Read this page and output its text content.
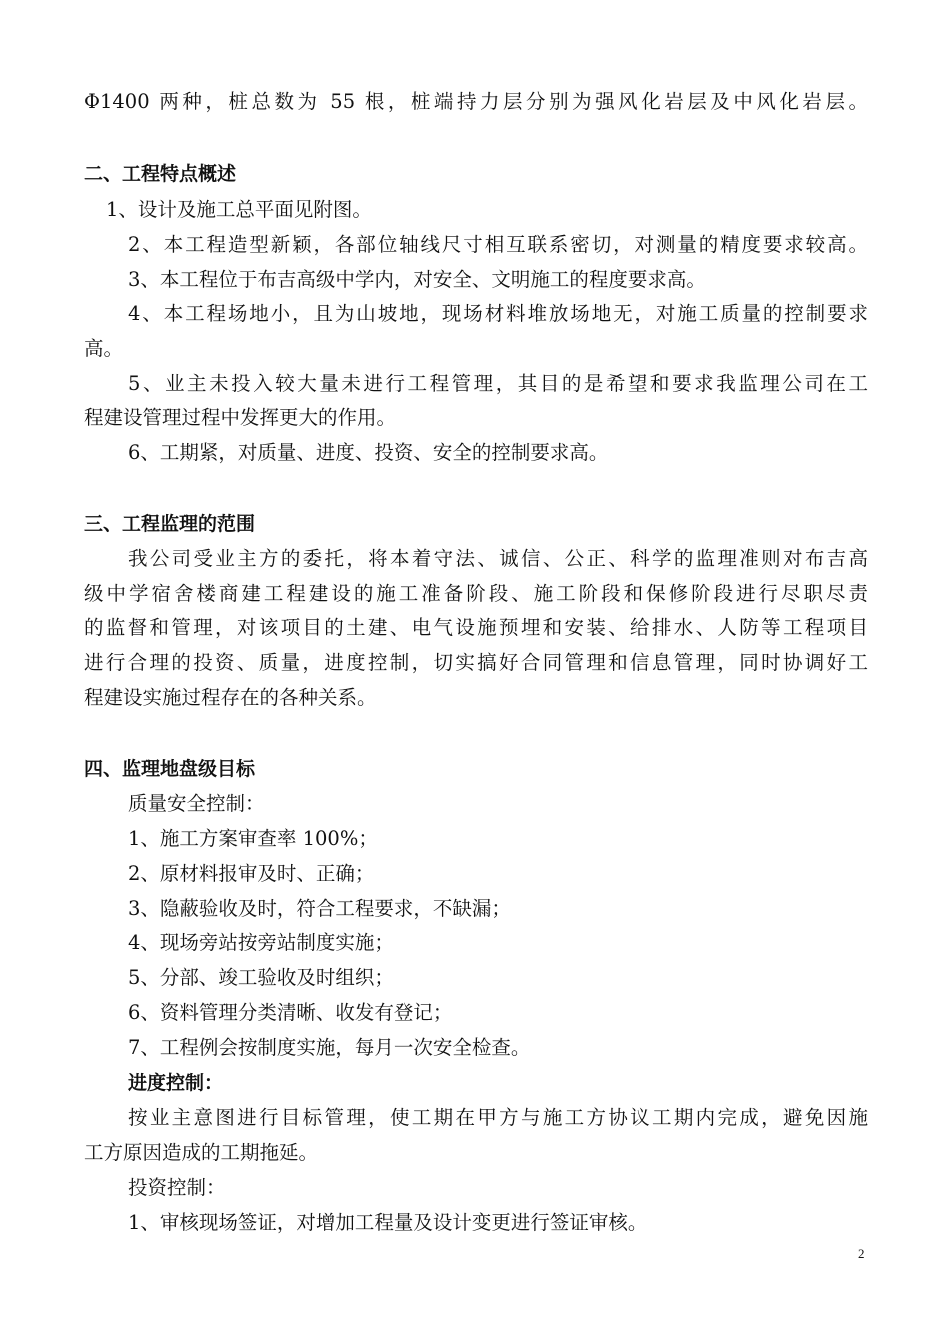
Φ1400 两种，桩总数为 55 根，桩端持力层分别为强风化岩层及中风化岩层。
二、工程特点概述
1、设计及施工总平面见附图。
2、本工程造型新颖，各部位轴线尺寸相互联系密切，对测量的精度要求较高。
3、本工程位于布吉高级中学内，对安全、文明施工的程度要求高。
4、本工程场地小，且为山坡地，现场材料堆放场地无，对施工质量的控制要求
高。
5、业主未投入较大量未进行工程管理，其目的是希望和要求我监理公司在工
程建设管理过程中发挥更大的作用。
6、工期紧，对质量、进度、投资、安全的控制要求高。
三、工程监理的范围
我公司受业主方的委托，将本着守法、诚信、公正、科学的监理准则对布吉高
级中学宿舍楼商建工程建设的施工准备阶段、施工阶段和保修阶段进行尽职尽责
的监督和管理，对该项目的土建、电气设施预埋和安装、给排水、人防等工程项目
进行合理的投资、质量，进度控制，切实搞好合同管理和信息管理，同时协调好工
程建设实施过程存在的各种关系。
四、监理地盘级目标
质量安全控制：
1、施工方案审查率 100%；
2、原材料报审及时、正确；
3、隐蔽验收及时，符合工程要求，不缺漏；
4、现场旁站按旁站制度实施；
5、分部、竣工验收及时组织；
6、资料管理分类清晰、收发有登记；
7、工程例会按制度实施，每月一次安全检查。
进度控制：
按业主意图进行目标管理，使工期在甲方与施工方协议工期内完成，避免因施
工方原因造成的工期拖延。
投资控制：
1、审核现场签证，对增加工程量及设计变更进行签证审核。
2
